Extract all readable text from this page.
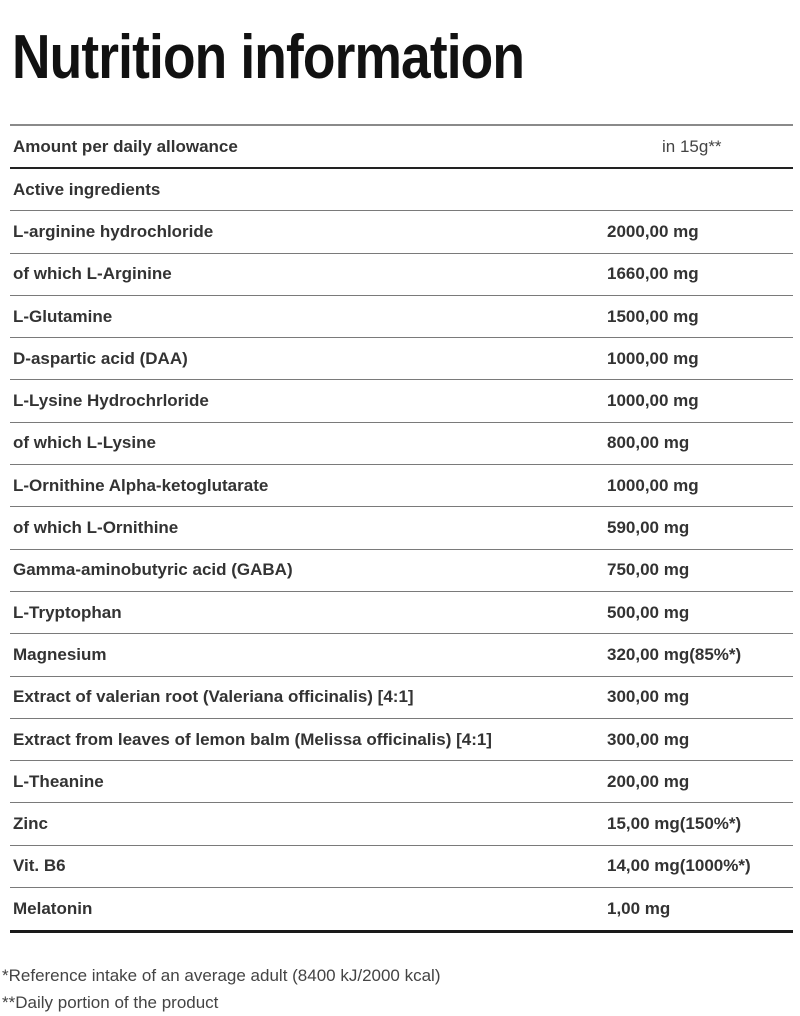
Nutrition information
Amount per daily allowance	in 15g**
Active ingredients
L-arginine hydrochloride	2000,00 mg
of which L-Arginine	1660,00 mg
L-Glutamine	1500,00 mg
D-aspartic acid (DAA)	1000,00 mg
L-Lysine Hydrochrloride	1000,00 mg
of which L-Lysine	800,00 mg
L-Ornithine Alpha-ketoglutarate	1000,00 mg
of which L-Ornithine	590,00 mg
Gamma-aminobutyric acid (GABA)	750,00 mg
L-Tryptophan	500,00 mg
Magnesium	320,00 mg(85%*)
Extract of valerian root (Valeriana officinalis) [4:1]	300,00 mg
Extract from leaves of lemon balm (Melissa officinalis) [4:1]	300,00 mg
L-Theanine	200,00 mg
Zinc	15,00 mg(150%*)
Vit. B6	14,00 mg(1000%*)
Melatonin	1,00 mg
*Reference intake of an average adult (8400 kJ/2000 kcal)
**Daily portion of the product
